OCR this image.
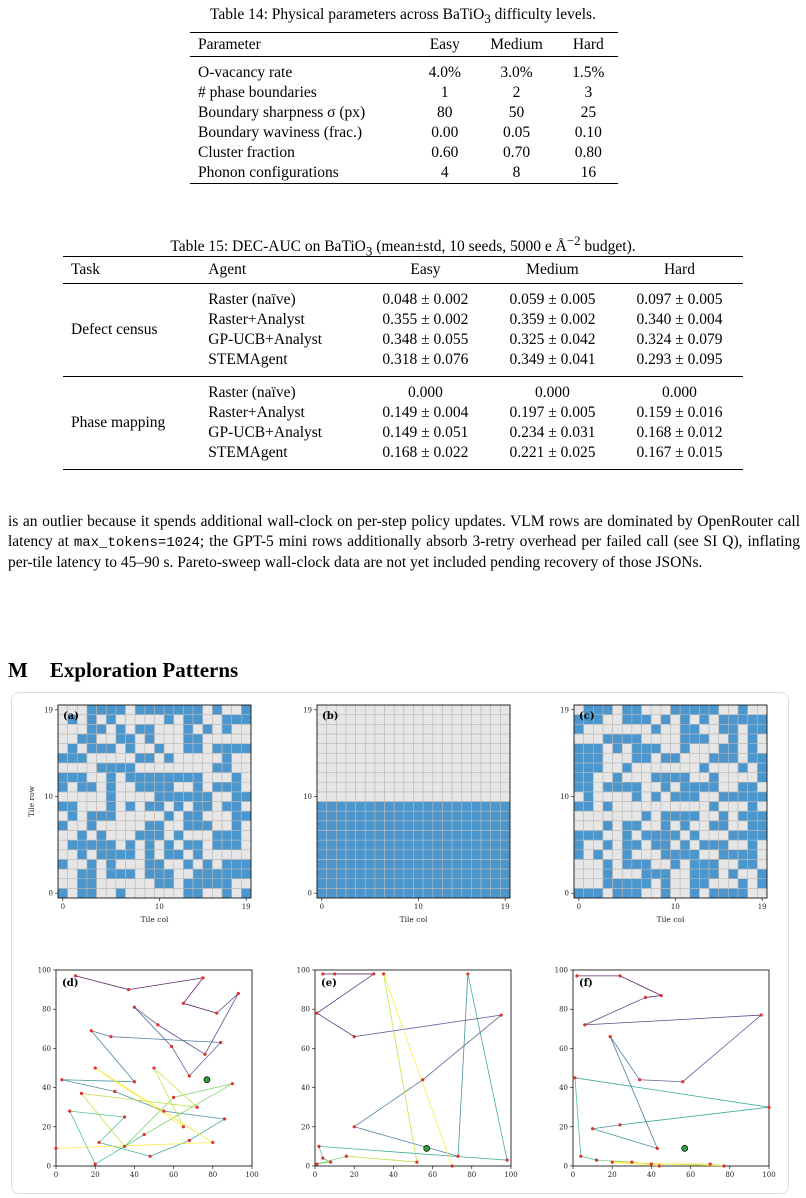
Table 14: Physical parameters across BaTiO$_3$ difficulty levels.
Parameter	Easy	Medium	Hard
O-vacancy rate	4.0%	3.0%	1.5%
# phase boundaries	1	2	3
Boundary sharpness σ (px)	80	50	25
Boundary waviness (frac.)	0.00	0.05	0.10
Cluster fraction	0.60	0.70	0.80
Phonon configurations	4	8	16
Table 15: DEC-AUC on BaTiO$_3$ (mean±std, 10 seeds, 5000 e $Å^{-2}$ budget).
Task	Agent	Easy	Medium	Hard
Defect census	Raster (naïve)	0.048 ± 0.002	0.059 ± 0.005	0.097 ± 0.005
	Raster+Analyst	0.355 ± 0.002	0.359 ± 0.002	0.340 ± 0.004
	GP-UCB+Analyst	0.348 ± 0.055	0.325 ± 0.042	0.324 ± 0.079
	STEMAgent	0.318 ± 0.076	0.349 ± 0.041	0.293 ± 0.095
Phase mapping	Raster (naïve)	0.000	0.000	0.000
	Raster+Analyst	0.149 ± 0.004	0.197 ± 0.005	0.159 ± 0.016
	GP-UCB+Analyst	0.149 ± 0.051	0.234 ± 0.031	0.168 ± 0.012
	STEMAgent	0.168 ± 0.022	0.221 ± 0.025	0.167 ± 0.015
is an outlier because it spends additional wall-clock on per-step policy updates. VLM rows are dominated by OpenRouter call latency at max_tokens=1024; the GPT-5 mini rows additionally absorb 3-retry overhead per failed call (see SI Q), inflating per-tile latency to 45–90 s. Pareto-sweep wall-clock data are not yet included pending recovery of those JSONs.
M Exploration Patterns
(a)
0
0
10
10
19
19
Tile col
Tile row
(b)
0
0
10
10
19
19
Tile col
(c)
0
0
10
10
19
19
Tile col
(d)
0	20	40	60	80	100
0
20
40
60
80
100
(e)
0	20	40	60	80	100
0
20
40
60
80
100
(f)
0	20	40	60	80	100
0
20
40
60
80
100
